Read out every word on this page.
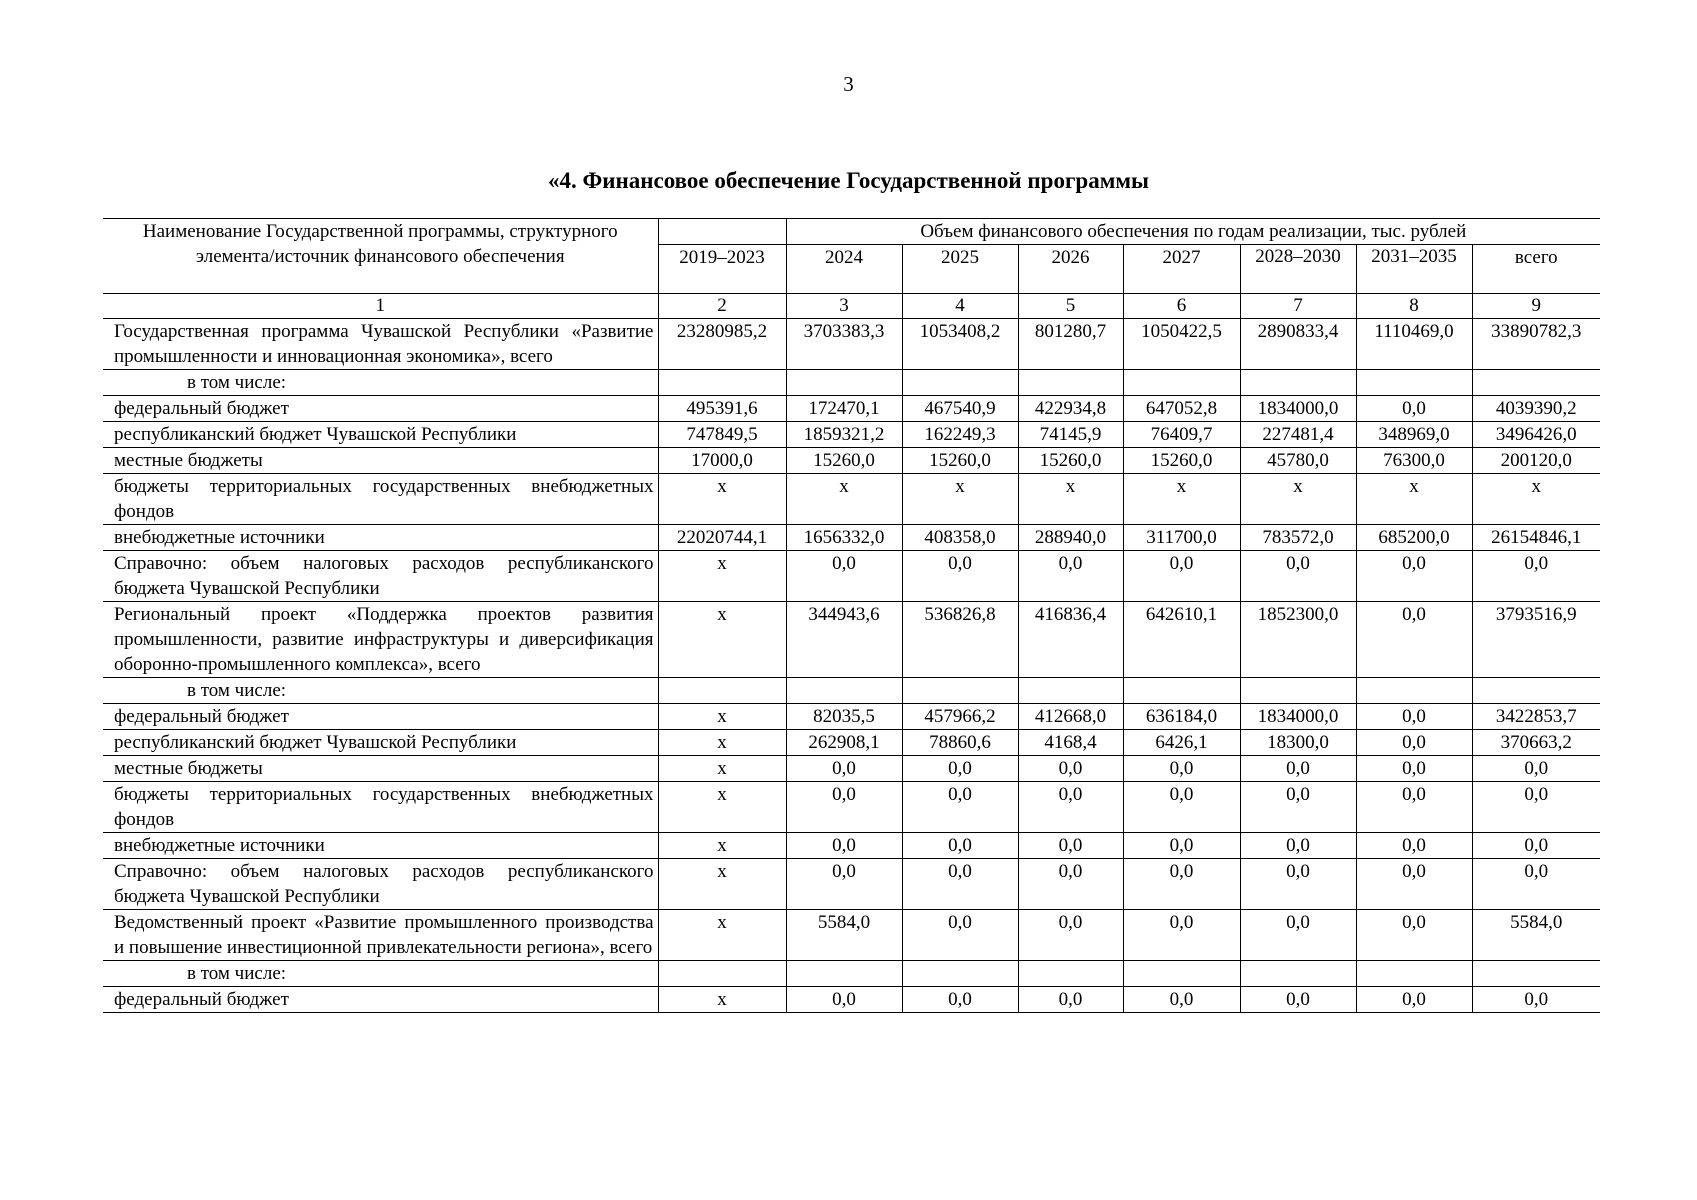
3
«4. Финансовое обеспечение Государственной программы
Наименование Государственной программы, структурного элемента/источник финансового обеспечения		Объем финансового обеспечения по годам реализации, тыс. рублей						
	2019–2023	2024	2025	2026	2027	2028–2030	2031–2035	всего
1	2	3	4	5	6	7	8	9
Государственная программа Чувашской Республики «Развитие промышленности и инновационная экономика», всего	23280985,2	3703383,3	1053408,2	801280,7	1050422,5	2890833,4	1110469,0	33890782,3
в том числе:								
федеральный бюджет	495391,6	172470,1	467540,9	422934,8	647052,8	1834000,0	0,0	4039390,2
республиканский бюджет Чувашской Республики	747849,5	1859321,2	162249,3	74145,9	76409,7	227481,4	348969,0	3496426,0
местные бюджеты	17000,0	15260,0	15260,0	15260,0	15260,0	45780,0	76300,0	200120,0
бюджеты территориальных государственных внебюджетных фондов	х	х	х	х	х	х	х	х
внебюджетные источники	22020744,1	1656332,0	408358,0	288940,0	311700,0	783572,0	685200,0	26154846,1
Справочно: объем налоговых расходов республиканского бюджета Чувашской Республики	х	0,0	0,0	0,0	0,0	0,0	0,0	0,0
Региональный проект «Поддержка проектов развития промышленности, развитие инфраструктуры и диверсификация оборонно-промышленного комплекса», всего	х	344943,6	536826,8	416836,4	642610,1	1852300,0	0,0	3793516,9
в том числе:								
федеральный бюджет	х	82035,5	457966,2	412668,0	636184,0	1834000,0	0,0	3422853,7
республиканский бюджет Чувашской Республики	х	262908,1	78860,6	4168,4	6426,1	18300,0	0,0	370663,2
местные бюджеты	х	0,0	0,0	0,0	0,0	0,0	0,0	0,0
бюджеты территориальных государственных внебюджетных фондов	х	0,0	0,0	0,0	0,0	0,0	0,0	0,0
внебюджетные источники	х	0,0	0,0	0,0	0,0	0,0	0,0	0,0
Справочно: объем налоговых расходов республиканского бюджета Чувашской Республики	х	0,0	0,0	0,0	0,0	0,0	0,0	0,0
Ведомственный проект «Развитие промышленного производства и повышение инвестиционной привлекательности региона», всего	х	5584,0	0,0	0,0	0,0	0,0	0,0	5584,0
в том числе:								
федеральный бюджет	х	0,0	0,0	0,0	0,0	0,0	0,0	0,0
